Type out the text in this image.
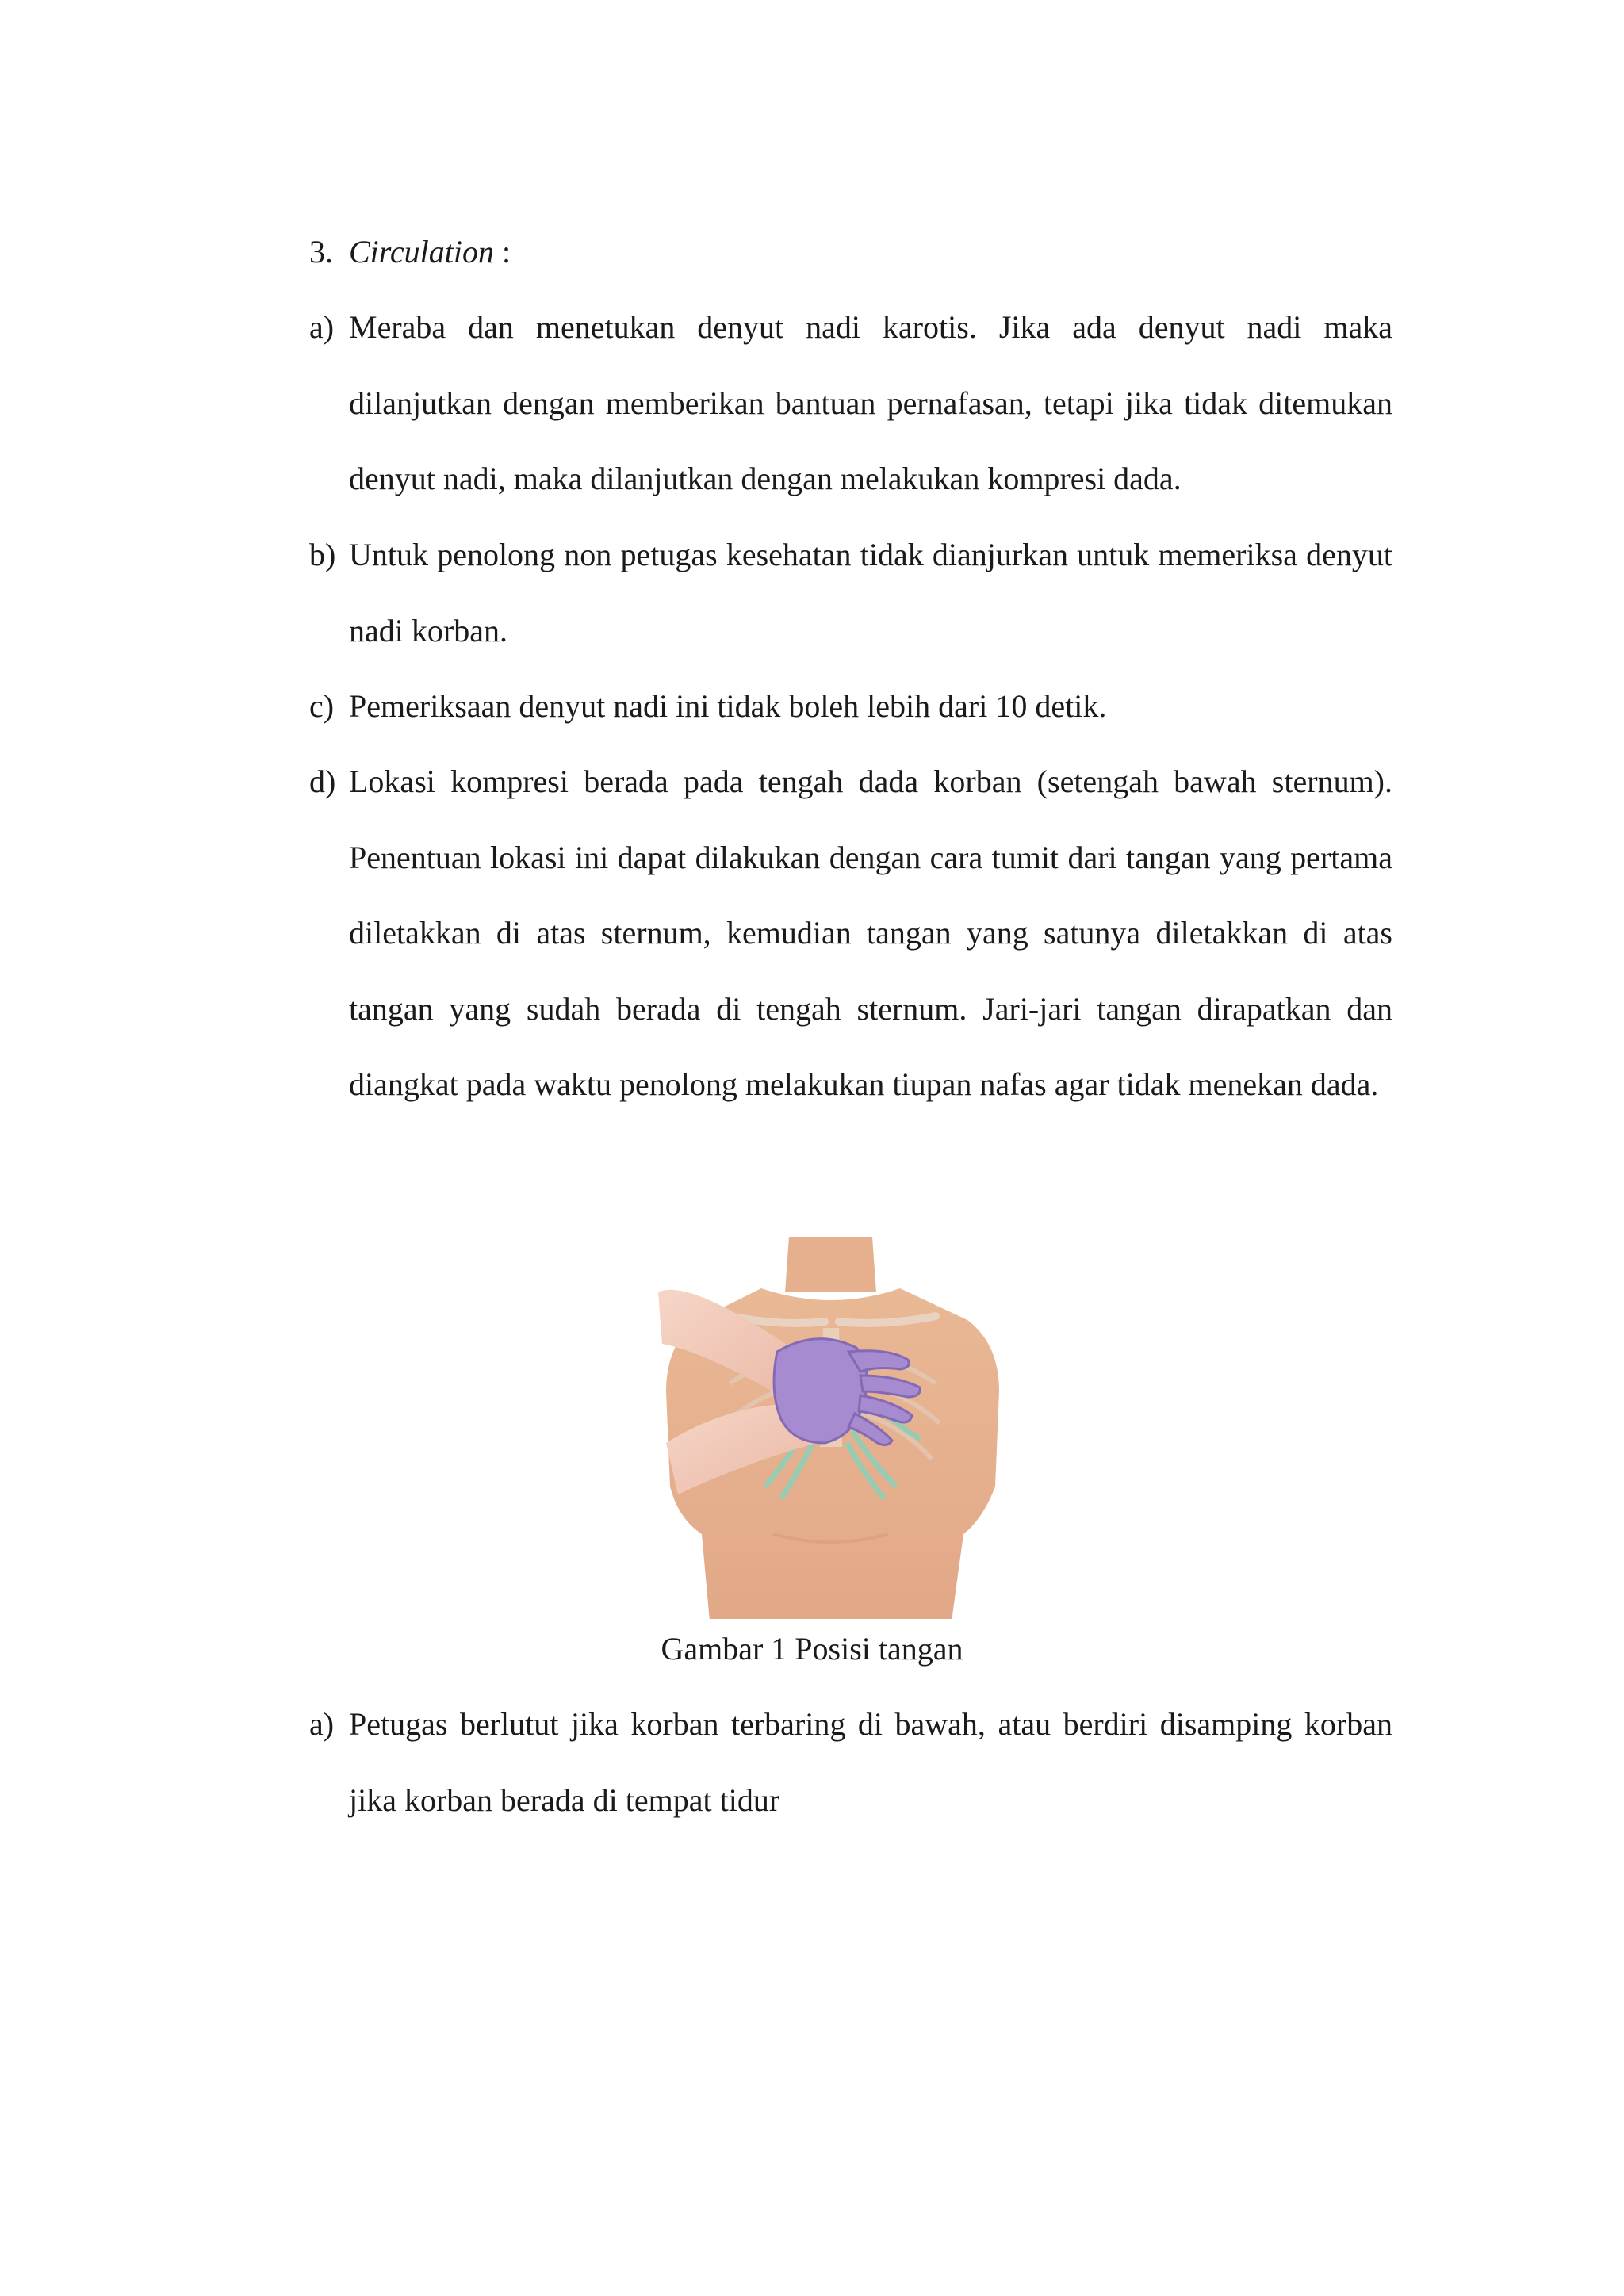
3. Circulation :
a) Meraba dan menetukan denyut nadi karotis. Jika ada denyut nadi maka dilanjutkan dengan memberikan bantuan pernafasan, tetapi jika tidak ditemukan denyut nadi, maka dilanjutkan dengan melakukan kompresi dada.
b) Untuk penolong non petugas kesehatan tidak dianjurkan untuk memeriksa denyut nadi korban.
c) Pemeriksaan denyut nadi ini tidak boleh lebih dari 10 detik.
d) Lokasi kompresi berada pada tengah dada korban (setengah bawah sternum). Penentuan lokasi ini dapat dilakukan dengan cara tumit dari tangan yang pertama diletakkan di atas sternum, kemudian tangan yang satunya diletakkan di atas tangan yang sudah berada di tengah sternum. Jari-jari tangan dirapatkan dan diangkat pada waktu penolong melakukan tiupan nafas agar tidak menekan dada.
Gambar 1 Posisi tangan
a) Petugas berlutut jika korban terbaring di bawah, atau berdiri disamping korban jika korban berada di tempat tidur
